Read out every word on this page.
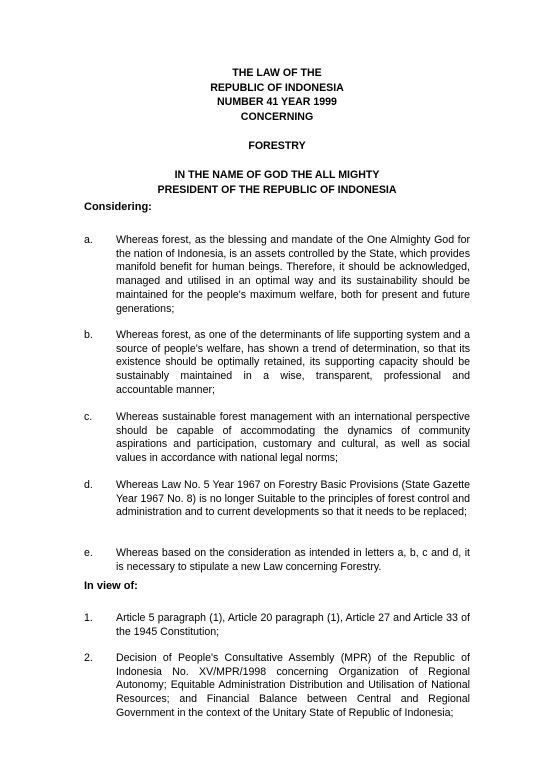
THE LAW OF THE
REPUBLIC OF INDONESIA
NUMBER 41 YEAR 1999
CONCERNING
FORESTRY
IN THE NAME OF GOD THE ALL MIGHTY
PRESIDENT OF THE REPUBLIC OF INDONESIA
Considering:
a. Whereas forest, as the blessing and mandate of the One Almighty God for the nation of Indonesia, is an assets controlled by the State, which provides manifold benefit for human beings. Therefore, it should be acknowledged, managed and utilised in an optimal way and its sustainability should be maintained for the people's maximum welfare, both for present and future generations;
b. Whereas forest, as one of the determinants of life supporting system and a source of people's welfare, has shown a trend of determination, so that its existence should be optimally retained, its supporting capacity should be sustainably maintained in a wise, transparent, professional and accountable manner;
c. Whereas sustainable forest management with an international perspective should be capable of accommodating the dynamics of community aspirations and participation, customary and cultural, as well as social values in accordance with national legal norms;
d. Whereas Law No. 5 Year 1967 on Forestry Basic Provisions (State Gazette Year 1967 No. 8) is no longer Suitable to the principles of forest control and administration and to current developments so that it needs to be replaced;
e. Whereas based on the consideration as intended in letters a, b, c and d, it is necessary to stipulate a new Law concerning Forestry.
In view of:
1. Article 5 paragraph (1), Article 20 paragraph (1), Article 27 and Article 33 of the 1945 Constitution;
2. Decision of People's Consultative Assembly (MPR) of the Republic of Indonesia No. XV/MPR/1998 concerning Organization of Regional Autonomy; Equitable Administration Distribution and Utilisation of National Resources; and Financial Balance between Central and Regional Government in the context of the Unitary State of Republic of Indonesia;
